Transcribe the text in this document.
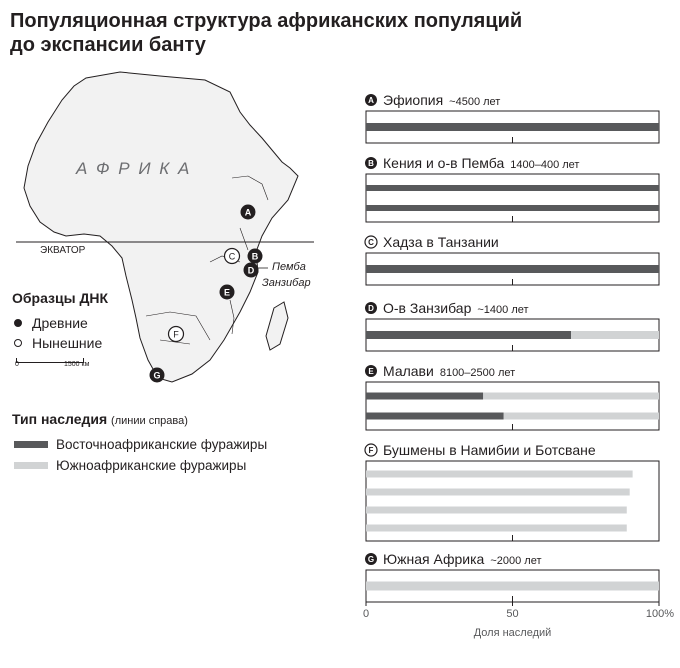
Популяционная структура африканских популяций
до экспансии банту
ЭКВАТОР
А Ф Р И К А
Пемба
Занзибар
A
B
C
D
E
F
G
Образцы ДНК
Древние
Нынешние
0	1500 км
Тип наследия (линии справа)
Восточноафриканские фуражиры
Южноафриканские фуражиры
A Эфиопия ~4500 лет
B Кения и о-в Пемба 1400–400 лет
C Хадза в Танзании
D О-в Занзибар ~1400 лет
E Малави 8100–2500 лет
F Бушмены в Намибии и Ботсване
G Южная Африка ~2000 лет
0	50	100%
Доля наследий
